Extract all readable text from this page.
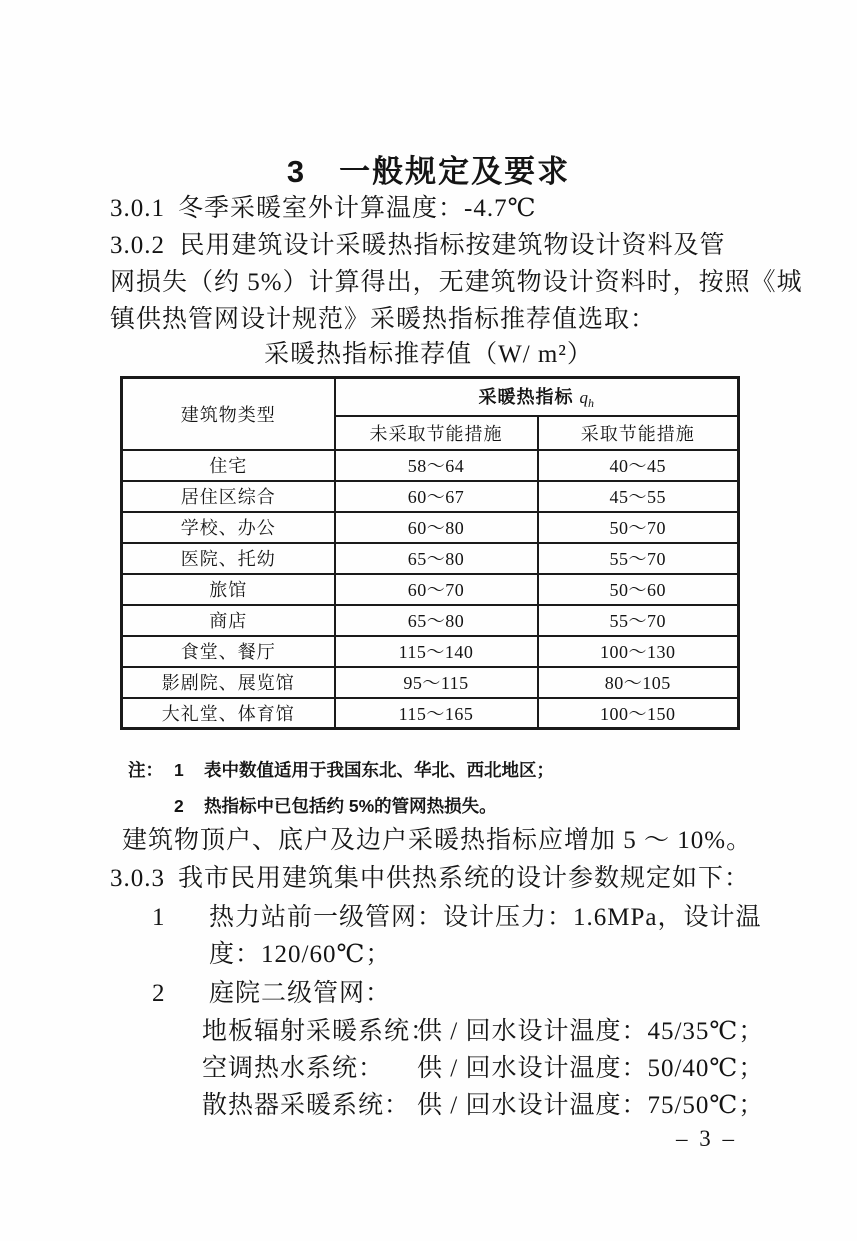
3　一般规定及要求
3.0.1 冬季采暖室外计算温度：-4.7℃
3.0.2  民用建筑设计采暖热指标按建筑物设计资料及管
网损失（约 5%）计算得出，无建筑物设计资料时，按照《城
镇供热管网设计规范》采暖热指标推荐值选取：
采暖热指标推荐值（W/ m²）
建筑物类型	采暖热指标 $q_h$
	未采取节能措施	采取节能措施
住宅	58～64	40～45
居住区综合	60～67	45～55
学校、办公	60～80	50～70
医院、托幼	65～80	55～70
旅馆	60～70	50～60
商店	65～80	55～70
食堂、餐厅	115～140	100～130
影剧院、展览馆	95～115	80～105
大礼堂、体育馆	115～165	100～150
注： 1	表中数值适用于我国东北、华北、西北地区；
2	热指标中已包括约 5%的管网热损失。
建筑物顶户、底户及边户采暖热指标应增加 5 ～ 10%。
3.0.3 我市民用建筑集中供热系统的设计参数规定如下：
1	热力站前一级管网：设计压力：1.6MPa，设计温
度：120/60℃；
2	庭院二级管网：
地板辐射采暖系统：
供 / 回水设计温度：45/35℃；
空调热水系统：	供 / 回水设计温度：50/40℃；
散热器采暖系统： 供 / 回水设计温度：75/50℃；
– 3 –
